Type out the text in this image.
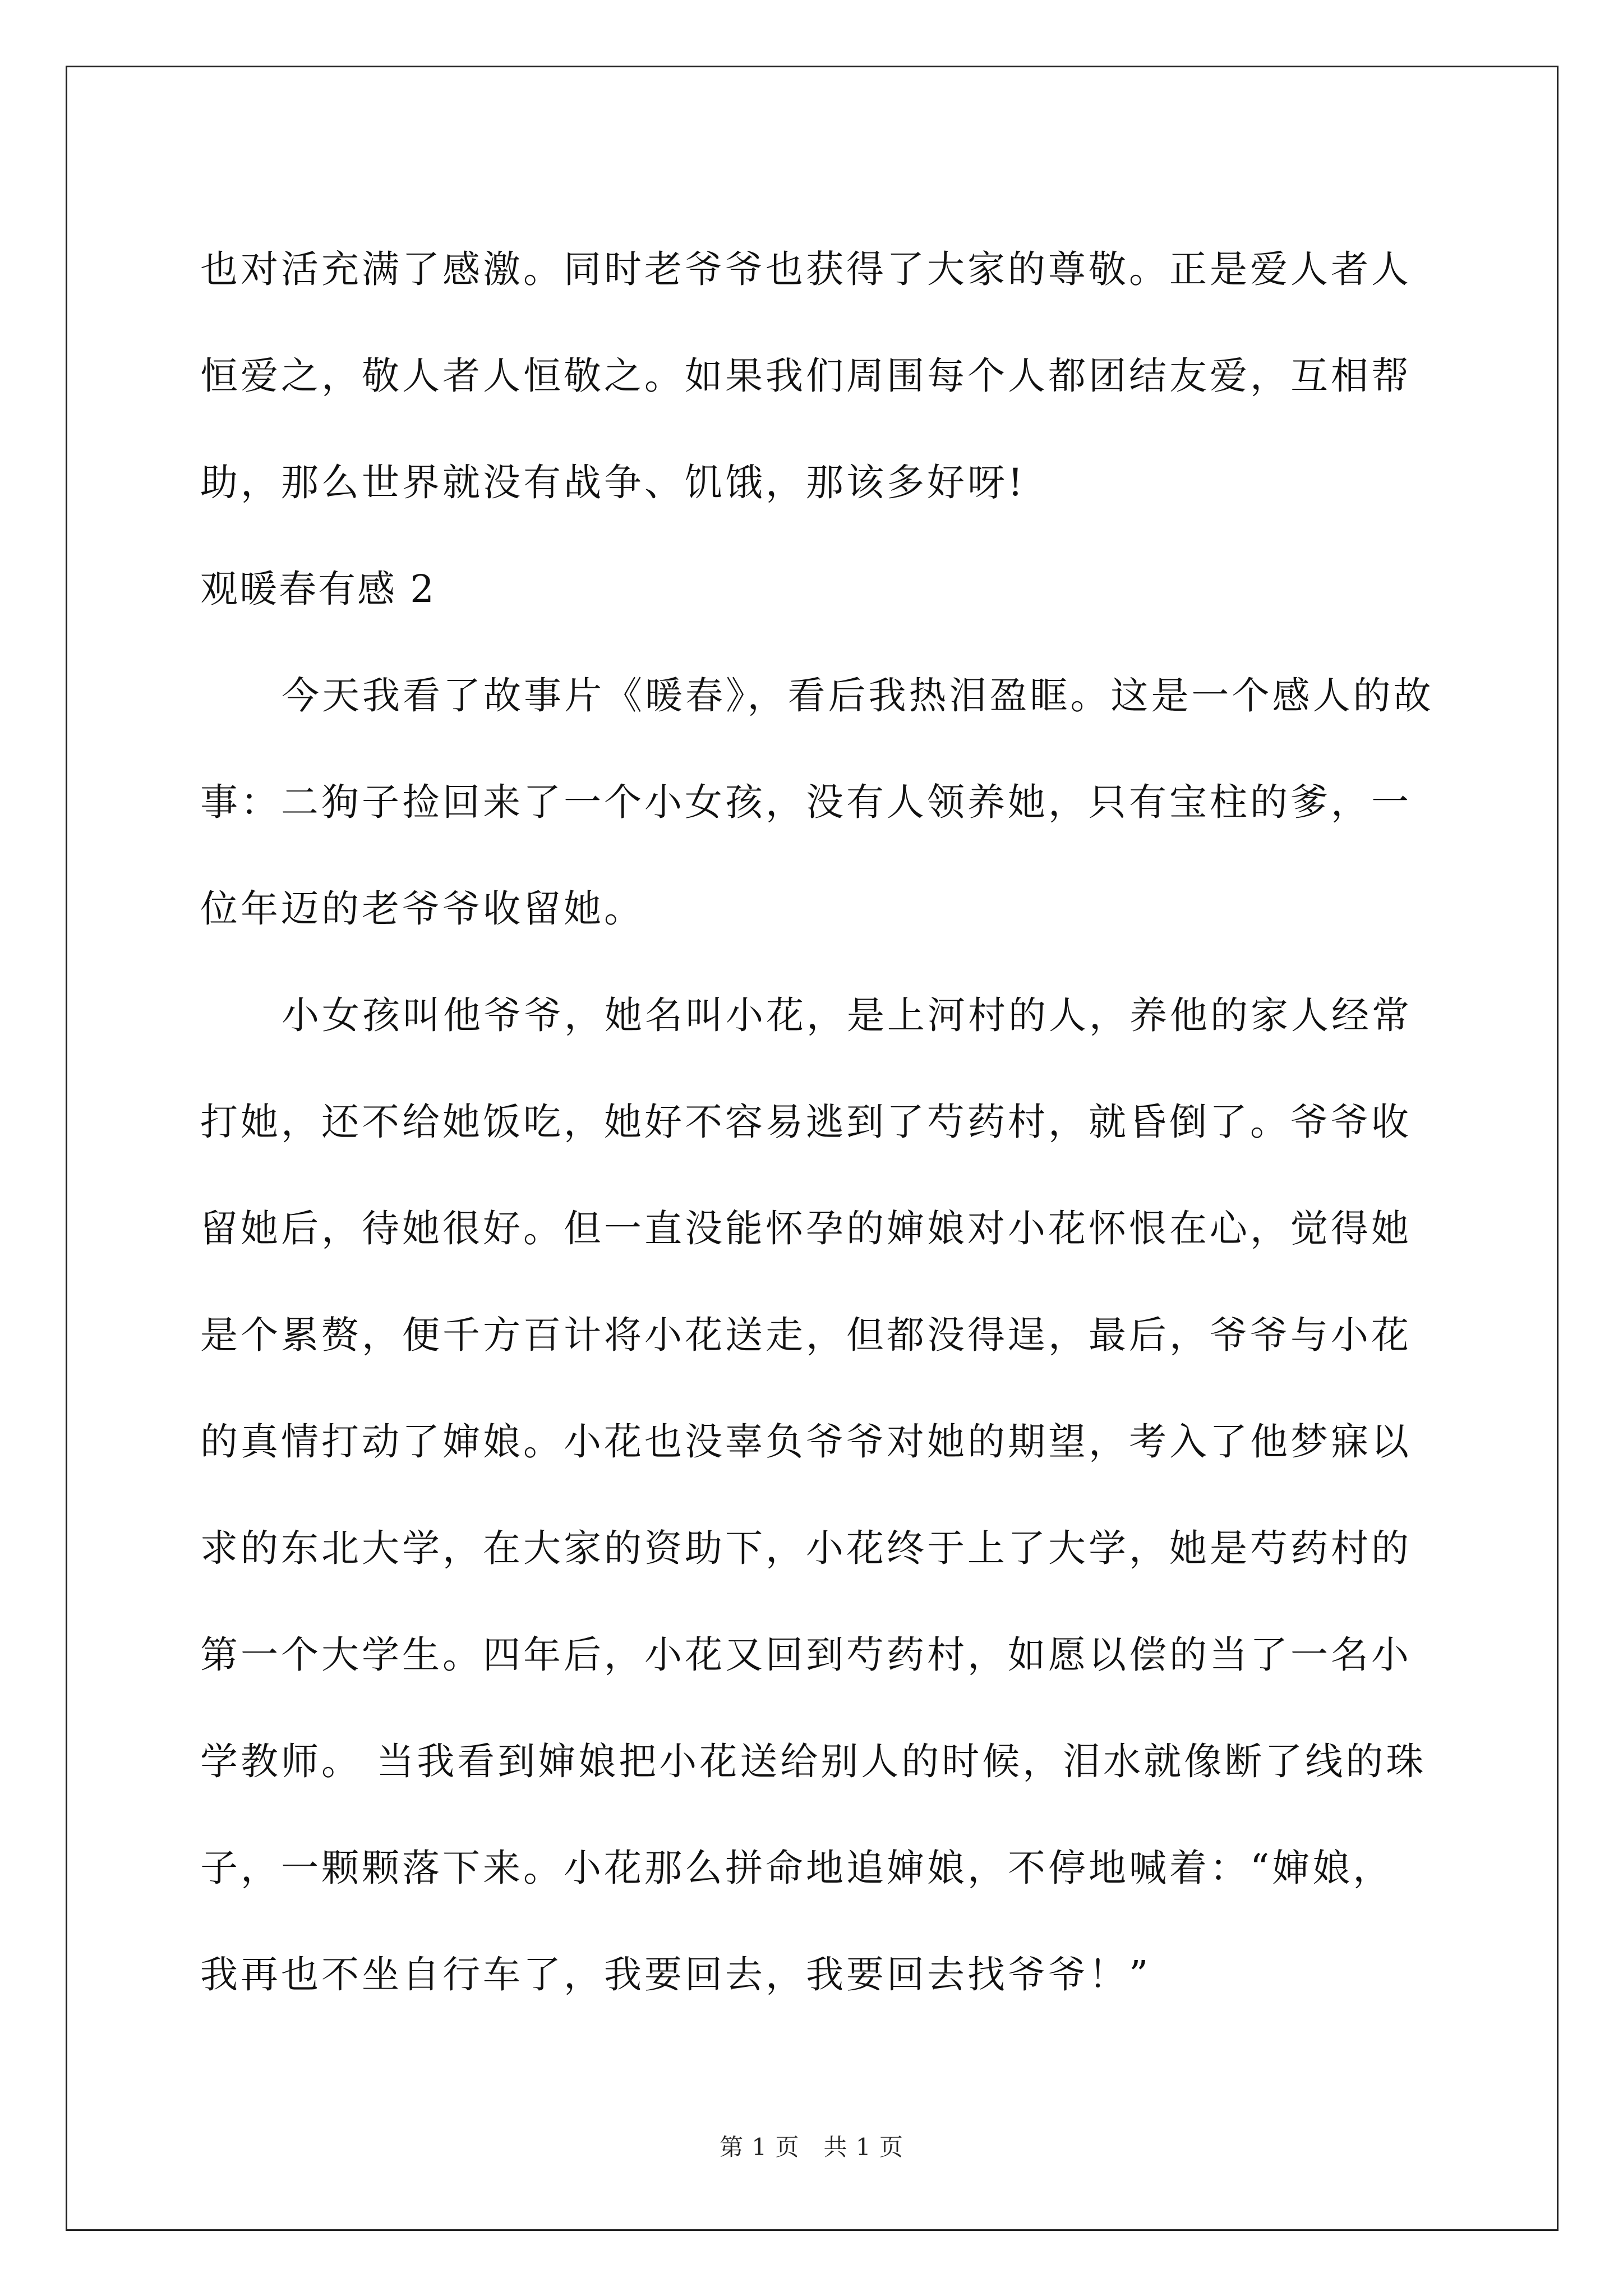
也对活充满了感激。同时老爷爷也获得了大家的尊敬。正是爱人者人
恒爱之，敬人者人恒敬之。如果我们周围每个人都团结友爱，互相帮
助，那么世界就没有战争、饥饿，那该多好呀!
观暖春有感 2
今天我看了故事片《暖春》，看后我热泪盈眶。这是一个感人的故
事：二狗子捡回来了一个小女孩，没有人领养她，只有宝柱的爹，一
位年迈的老爷爷收留她。
小女孩叫他爷爷，她名叫小花，是上河村的人，养他的家人经常
打她，还不给她饭吃，她好不容易逃到了芍药村，就昏倒了。爷爷收
留她后，待她很好。但一直没能怀孕的婶娘对小花怀恨在心，觉得她
是个累赘，便千方百计将小花送走，但都没得逞，最后，爷爷与小花
的真情打动了婶娘。小花也没辜负爷爷对她的期望，考入了他梦寐以
求的东北大学，在大家的资助下，小花终于上了大学，她是芍药村的
第一个大学生。四年后，小花又回到芍药村，如愿以偿的当了一名小
学教师。 当我看到婶娘把小花送给别人的时候，泪水就像断了线的珠
子，一颗颗落下来。小花那么拼命地追婶娘，不停地喊着：“婶娘，
我再也不坐自行车了，我要回去，我要回去找爷爷！”
第 1 页　共 1 页
